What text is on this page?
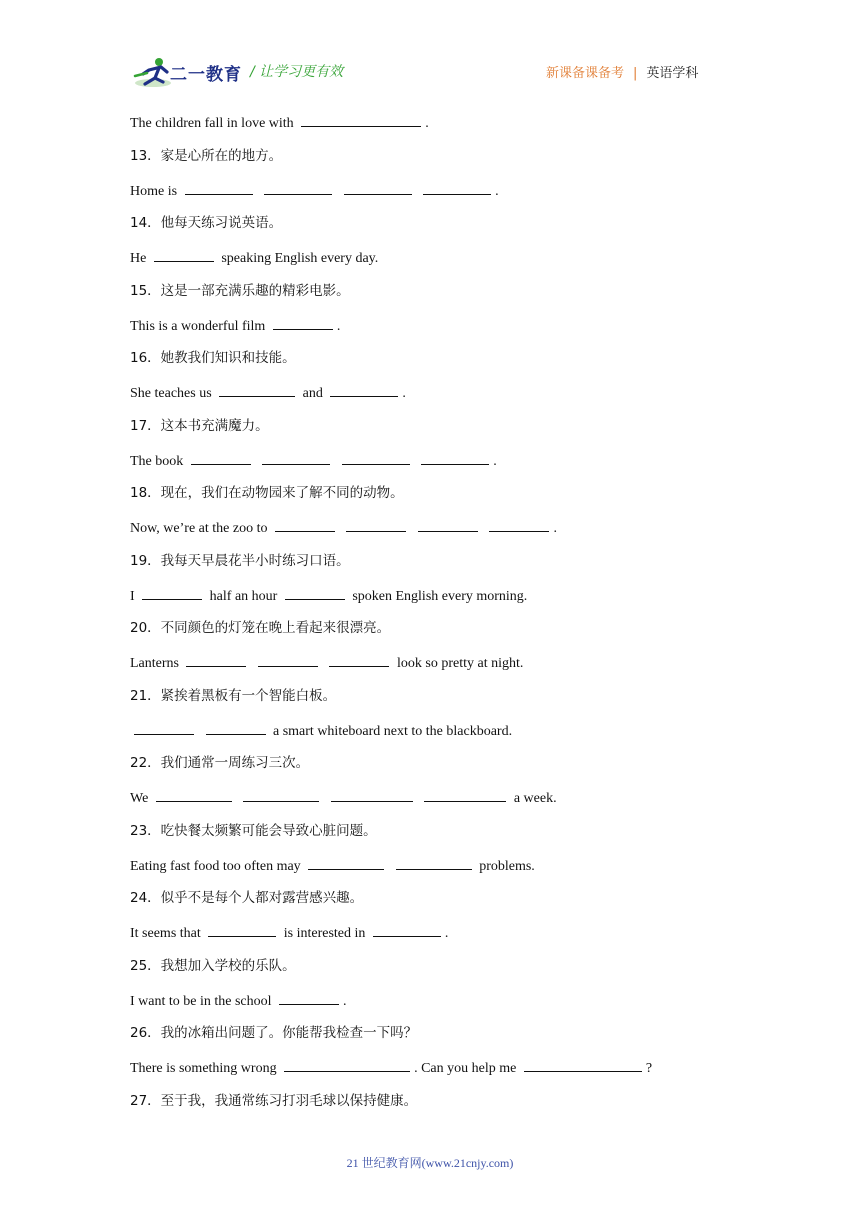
二一教育 / 让学习更有效	新课备课备考 | 英语学科
The children fall in love with	.
13．家是心所在的地方。
Home is	.
14．他每天练习说英语。
He	speaking English every day.
15．这是一部充满乐趣的精彩电影。
This is a wonderful film	.
16．她教我们知识和技能。
She teaches us	and	.
17．这本书充满魔力。
The book	.
18．现在，我们在动物园来了解不同的动物。
Now, we’re at the zoo to	.
19．我每天早晨花半小时练习口语。
I	half an hour	spoken English every morning.
20．不同颜色的灯笼在晚上看起来很漂亮。
Lanterns	look so pretty at night.
21．紧挨着黑板有一个智能白板。
a smart whiteboard next to the blackboard.
22．我们通常一周练习三次。
We	a week.
23．吃快餐太频繁可能会导致心脏问题。
Eating fast food too often may	problems.
24．似乎不是每个人都对露营感兴趣。
It seems that	is interested in	.
25．我想加入学校的乐队。
I want to be in the school	.
26．我的冰箱出问题了。你能帮我检查一下吗？
There is something wrong	. Can you help me	?
27．至于我，我通常练习打羽毛球以保持健康。
21 世纪教育网(www.21cnjy.com)
